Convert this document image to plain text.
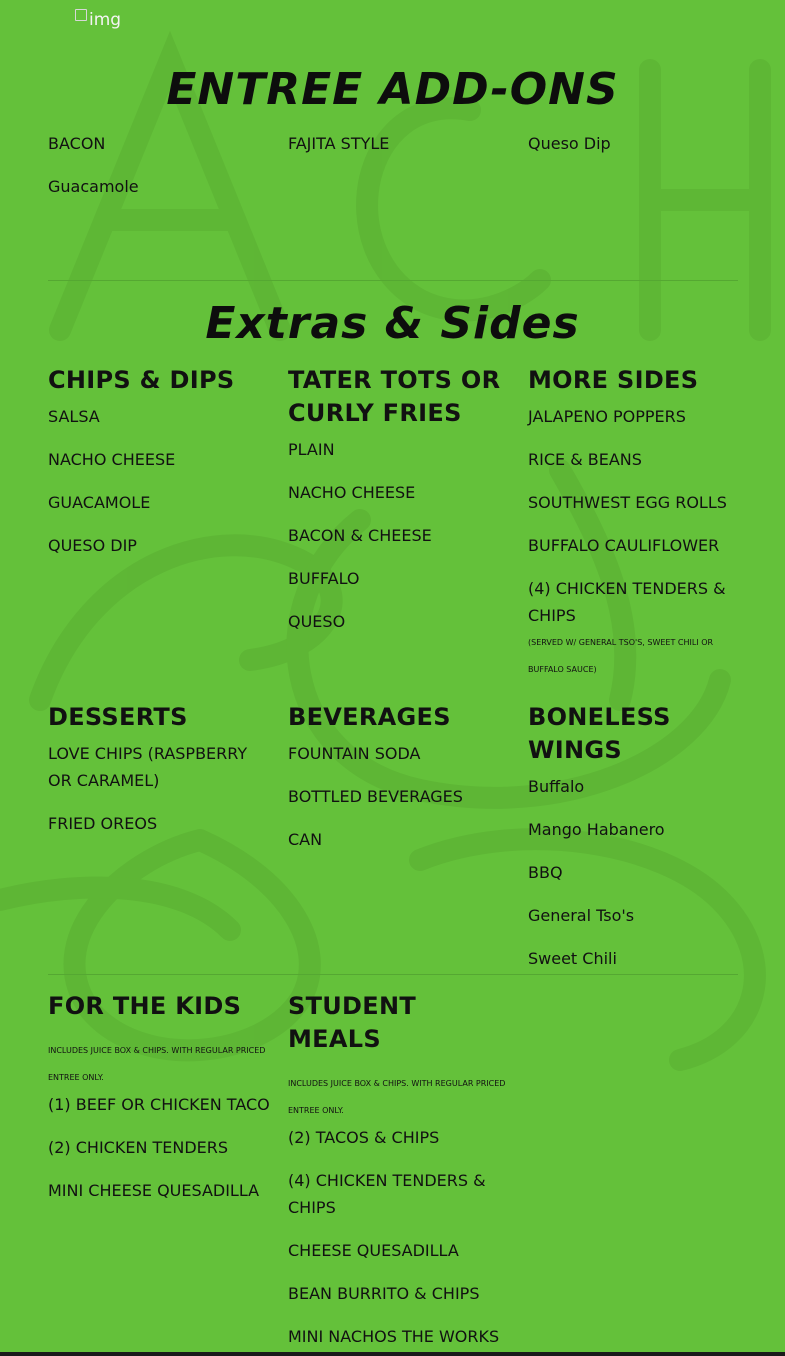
img
ENTREE ADD-ONS
BACON
Guacamole
FAJITA STYLE	Queso Dip
Extras & Sides
CHIPS & DIPS
SALSA
NACHO CHEESE
GUACAMOLE
QUESO DIP
TATER TOTS OR CURLY FRIES
PLAIN
NACHO CHEESE
BACON & CHEESE
BUFFALO
QUESO
MORE SIDES
JALAPENO POPPERS
RICE & BEANS
SOUTHWEST EGG ROLLS
BUFFALO CAULIFLOWER
(4) CHICKEN TENDERS & CHIPS
(SERVED W/ GENERAL TSO'S, SWEET CHILI OR BUFFALO SAUCE)
DESSERTS
LOVE CHIPS (RASPBERRY OR CARAMEL)
FRIED OREOS
BEVERAGES
FOUNTAIN SODA
BOTTLED BEVERAGES
CAN
BONELESS WINGS
Buffalo
Mango Habanero
BBQ
General Tso's
Sweet Chili
FOR THE KIDS
INCLUDES JUICE BOX & CHIPS. WITH REGULAR PRICED ENTREE ONLY.
(1) BEEF OR CHICKEN TACO
(2) CHICKEN TENDERS
MINI CHEESE QUESADILLA
STUDENT MEALS
INCLUDES JUICE BOX & CHIPS. WITH REGULAR PRICED ENTREE ONLY.
(2) TACOS & CHIPS
(4) CHICKEN TENDERS & CHIPS
CHEESE QUESADILLA
BEAN BURRITO & CHIPS
MINI NACHOS THE WORKS
